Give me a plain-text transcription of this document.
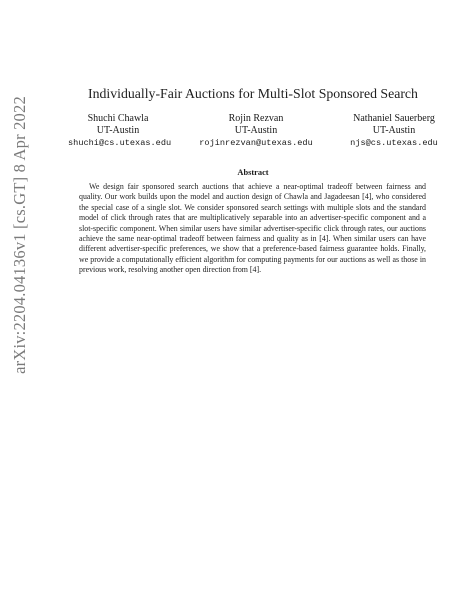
arXiv:2204.04136v1 [cs.GT] 8 Apr 2022
Individually-Fair Auctions for Multi-Slot Sponsored Search
Shuchi Chawla
UT-Austin
shuchi@cs.utexas.edu
Rojin Rezvan
UT-Austin
rojinrezvan@utexas.edu
Nathaniel Sauerberg
UT-Austin
njs@cs.utexas.edu
Abstract

We design fair sponsored search auctions that achieve a near-optimal tradeoff between fairness and quality. Our work builds upon the model and auction design of Chawla and Jagadeesan [4], who considered the special case of a single slot. We consider sponsored search settings with multiple slots and the standard model of click through rates that are multiplicatively separable into an advertiser-specific component and a slot-specific component. When similar users have similar advertiser-specific click through rates, our auctions achieve the same near-optimal tradeoff between fairness and quality as in [4]. When similar users can have different advertiser-specific preferences, we show that a preference-based fairness guarantee holds. Finally, we provide a computationally efficient algorithm for computing payments for our auctions as well as those in previous work, resolving another open direction from [4].
